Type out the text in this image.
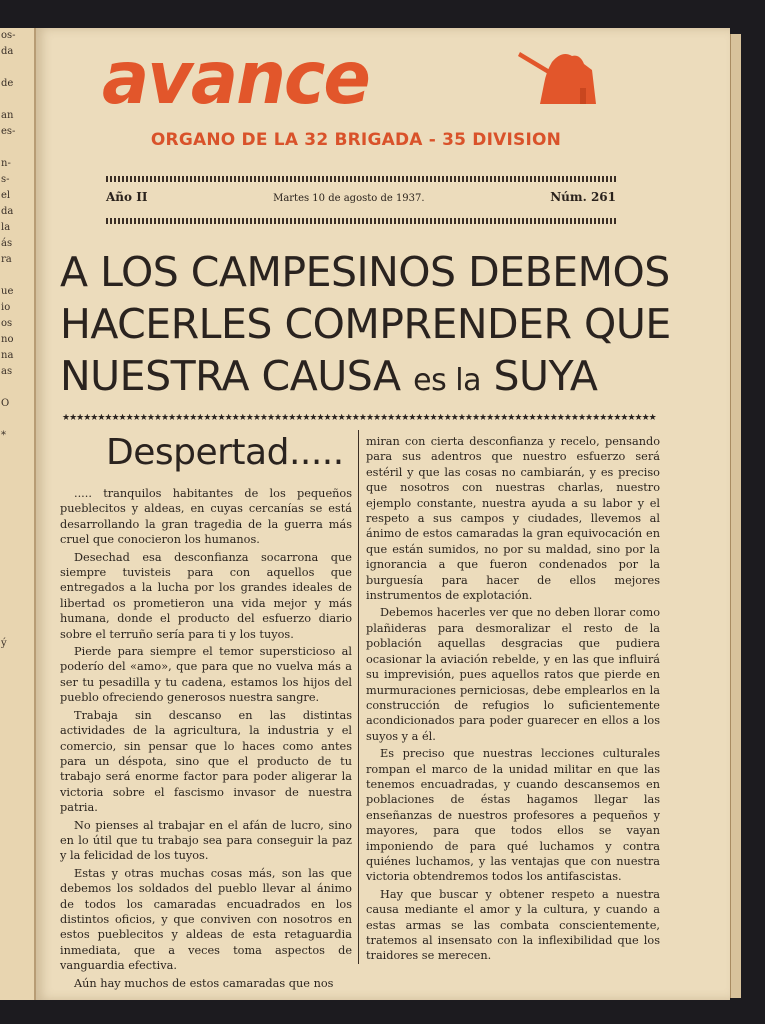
os-
da

de

an
es-

n-
s-
el
da
la
ás
ra

ue
io
os
no
na
as

O

*

ý
avance
ORGANO DE LA 32 BRIGADA - 35 DIVISION
Año II	Martes 10 de agosto de 1937.	Núm. 261
A LOS CAMPESINOS DEBEMOS
HACERLES COMPRENDER QUE
NUESTRA CAUSA es la SUYA
★★★★★★★★★★★★★★★★★★★★★★★★★★★★★★★★★★★★★★★★★★★★★★★★★★★★★★★★★★★★★★★★★★★★★★★★★★★★★★★★★★★★
Despertad.....

..... tranquilos habitantes de los pequeños pueblecitos y aldeas, en cuyas cercanías se está desarrollando la gran tragedia de la guerra más cruel que conocieron los humanos.

Desechad esa desconfianza socarrona que siempre tuvisteis para con aquellos que entregados a la lucha por los grandes ideales de libertad os prometieron una vida mejor y más humana, donde el producto del esfuerzo diario sobre el terruño sería para ti y los tuyos.

Pierde para siempre el temor supersticioso al poderío del «amo», que para que no vuelva más a ser tu pesadilla y tu cadena, estamos los hijos del pueblo ofreciendo generosos nuestra sangre.

Trabaja sin descanso en las distintas actividades de la agricultura, la industria y el comercio, sin pensar que lo haces como antes para un déspota, sino que el producto de tu trabajo será enorme factor para poder aligerar la victoria sobre el fascismo invasor de nuestra patria.

No pienses al trabajar en el afán de lucro, sino en lo útil que tu trabajo sea para conseguir la paz y la felicidad de los tuyos.

Estas y otras muchas cosas más, son las que debemos los soldados del pueblo llevar al ánimo de todos los camaradas encuadrados en los distintos oficios, y que conviven con nosotros en estos pueblecitos y aldeas de esta retaguardia inmediata, que a veces toma aspectos de vanguardia efectiva.

Aún hay muchos de estos camaradas que nos

miran con cierta desconfianza y recelo, pensando para sus adentros que nuestro esfuerzo será estéril y que las cosas no cambiarán, y es preciso que nosotros con nuestras charlas, nuestro ejemplo constante, nuestra ayuda a su labor y el respeto a sus campos y ciudades, llevemos al ánimo de estos camaradas la gran equivocación en que están sumidos, no por su maldad, sino por la ignorancia a que fueron condenados por la burguesía para hacer de ellos mejores instrumentos de explotación.

Debemos hacerles ver que no deben llorar como plañideras para desmoralizar el resto de la población aquellas desgracias que pudiera ocasionar la aviación rebelde, y en las que influirá su imprevisión, pues aquellos ratos que pierde en murmuraciones perniciosas, debe emplearlos en la construcción de refugios lo suficientemente acondicionados para poder guarecer en ellos a los suyos y a él.

Es preciso que nuestras lecciones culturales rompan el marco de la unidad militar en que las tenemos encuadradas, y cuando descansemos en poblaciones de éstas hagamos llegar las enseñanzas de nuestros profesores a pequeños y mayores, para que todos ellos se vayan imponiendo de para qué luchamos y contra quiénes luchamos, y las ventajas que con nuestra victoria obtendremos todos los antifascistas.

Hay que buscar y obtener respeto a nuestra causa mediante el amor y la cultura, y cuando a estas armas se las combata conscientemente, tratemos al insensato con la inflexibilidad que los traidores se merecen.
